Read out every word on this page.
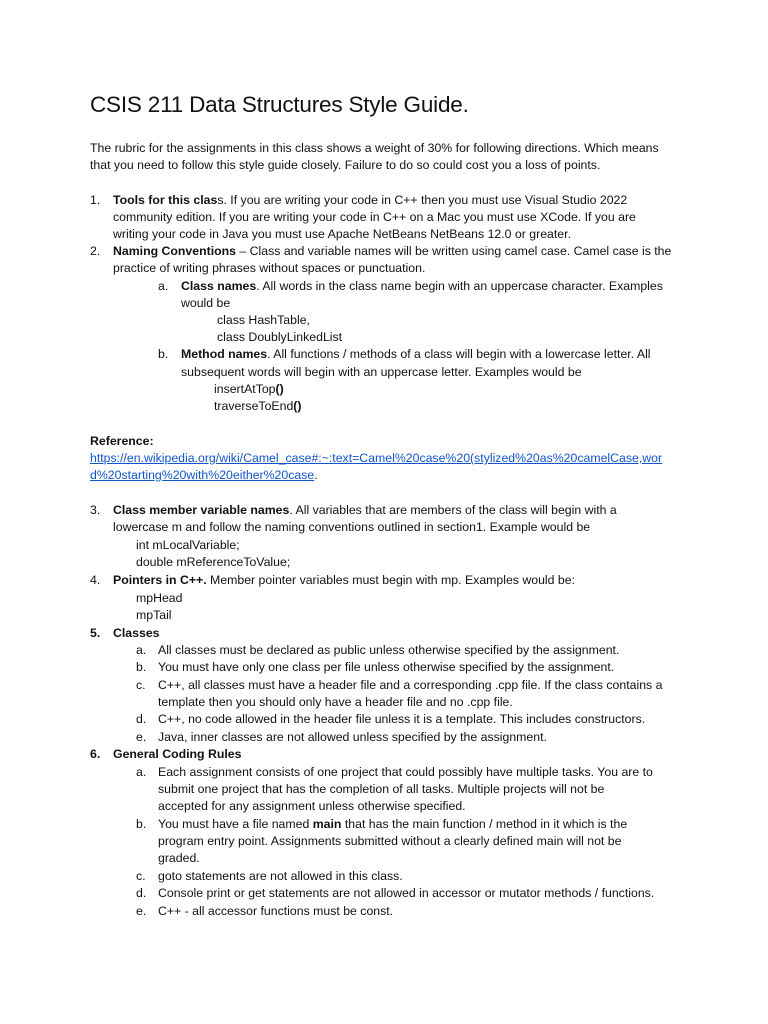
CSIS 211 Data Structures Style Guide.
The rubric for the assignments in this class shows a weight of 30% for following directions. Which means
that you need to follow this style guide closely. Failure to do so could cost you a loss of points.
1. Tools for this class. If you are writing your code in C++ then you must use Visual Studio 2022
community edition. If you are writing your code in C++ on a Mac you must use XCode. If you are
writing your code in Java you must use Apache NetBeans NetBeans 12.0 or greater.
2. Naming Conventions – Class and variable names will be written using camel case. Camel case is the
practice of writing phrases without spaces or punctuation.
a. Class names. All words in the class name begin with an uppercase character. Examples
would be
class HashTable,
class DoublyLinkedList
b. Method names. All functions / methods of a class will begin with a lowercase letter. All
subsequent words will begin with an uppercase letter. Examples would be
insertAtTop()
traverseToEnd()
Reference:
https://en.wikipedia.org/wiki/Camel_case#:~:text=Camel%20case%20(stylized%20as%20camelCase,wor
d%20starting%20with%20either%20case.
3. Class member variable names. All variables that are members of the class will begin with a
lowercase m and follow the naming conventions outlined in section1. Example would be
int mLocalVariable;
double mReferenceToValue;
4. Pointers in C++. Member pointer variables must begin with mp. Examples would be:
mpHead
mpTail
5. Classes
a. All classes must be declared as public unless otherwise specified by the assignment.
b. You must have only one class per file unless otherwise specified by the assignment.
c. C++, all classes must have a header file and a corresponding .cpp file. If the class contains a
template then you should only have a header file and no .cpp file.
d. C++, no code allowed in the header file unless it is a template. This includes constructors.
e. Java, inner classes are not allowed unless specified by the assignment.
6. General Coding Rules
a. Each assignment consists of one project that could possibly have multiple tasks. You are to
submit one project that has the completion of all tasks. Multiple projects will not be
accepted for any assignment unless otherwise specified.
b. You must have a file named main that has the main function / method in it which is the
program entry point. Assignments submitted without a clearly defined main will not be
graded.
c. goto statements are not allowed in this class.
d. Console print or get statements are not allowed in accessor or mutator methods / functions.
e. C++ - all accessor functions must be const.
